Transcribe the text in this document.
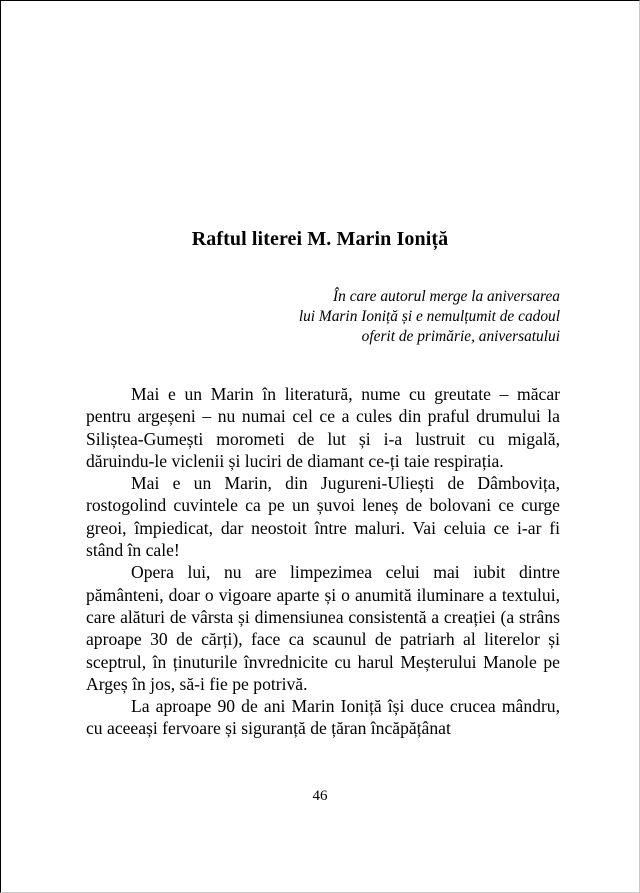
Raftul literei M. Marin Ioniță
În care autorul merge la aniversarea
lui Marin Ioniță și e nemulțumit de cadoul
oferit de primărie, aniversatului

Mai e un Marin în literatură, nume cu greutate – măcar pentru argeșeni – nu numai cel ce a cules din praful drumului la Siliștea-Gumești morometi de lut și i-a lustruit cu migală, dăruindu-le viclenii și luciri de diamant ce-ți taie respirația.

Mai e un Marin, din Jugureni-Uliești de Dâmbovița, rostogolind cuvintele ca pe un șuvoi leneș de bolovani ce curge greoi, împiedicat, dar neostoit între maluri. Vai celuia ce i-ar fi stând în cale!

Opera lui, nu are limpezimea celui mai iubit dintre pământeni, doar o vigoare aparte și o anumită iluminare a textului, care alături de vârsta și dimensiunea consistentă a creației (a strâns aproape 30 de cărți), face ca scaunul de patriarh al literelor și sceptrul, în ținuturile învrednicite cu harul Meșterului Manole pe Argeș în jos, să-i fie pe potrivă.

La aproape 90 de ani Marin Ioniță își duce crucea mândru, cu aceeași fervoare și siguranță de țăran încăpățânat

46
